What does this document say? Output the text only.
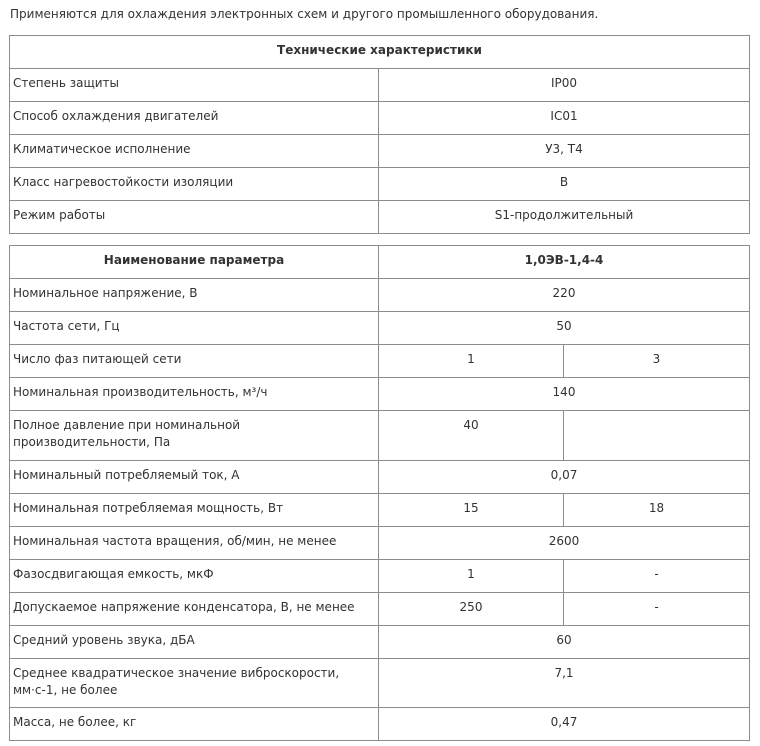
Применяются для охлаждения электронных схем и другого промышленного оборудования.
Технические характеристики	
Степень защиты	IP00
Способ охлаждения двигателей	IC01
Климатическое исполнение	У3, Т4
Класс нагревостойкости изоляции	B
Режим работы	S1-продолжительный
Наименование параметра	1,0ЭВ-1,4-4	
Номинальное напряжение, В	220	
Частота сети, Гц	50	
Число фаз питающей сети	1	3
Номинальная производительность, м³/ч	140	
Полное давление при номинальной производительности, Па	40	
Номинальный потребляемый ток, А	0,07	
Номинальная потребляемая мощность, Вт	15	18
Номинальная частота вращения, об/мин, не менее	2600	
Фазосдвигающая емкость, мкФ	1	-
Допускаемое напряжение конденсатора, В, не менее	250	-
Средний уровень звука, дБА	60	
Среднее квадратическое значение виброскорости, мм·с-1, не более	7,1	
Масса, не более, кг	0,47	
